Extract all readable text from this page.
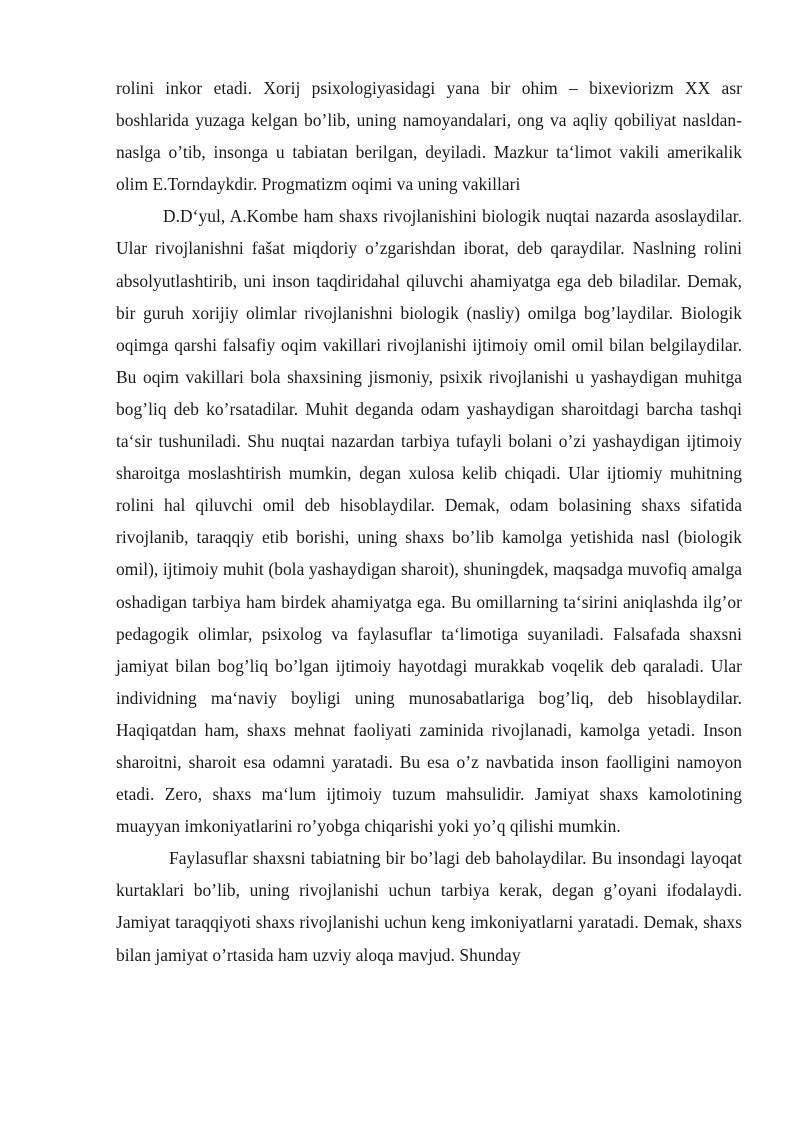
rolini inkor etadi. Xorij psixologiyasidagi yana bir ohim – bixeviorizm XX asr boshlarida yuzaga kelgan bo’lib, uning namoyandalari, ong va aqliy qobiliyat nasldan-naslga o’tib, insonga u tabiatan berilgan, deyiladi. Mazkur ta‘limot vakili amerikalik olim E.Torndaykdir. Progmatizm oqimi va uning vakillari

D.D‘yul, A.Kombe ham shaxs rivojlanishini biologik nuqtai nazarda asoslaydilar. Ular rivojlanishni fašat miqdoriy o’zgarishdan iborat, deb qaraydilar. Naslning rolini absolyutlashtirib, uni inson taqdiridahal qiluvchi ahamiyatga ega deb biladilar. Demak, bir guruh xorijiy olimlar rivojlanishni biologik (nasliy) omilga bog’laydilar. Biologik oqimga qarshi falsafiy oqim vakillari rivojlanishi ijtimoiy omil omil bilan belgilaydilar. Bu oqim vakillari bola shaxsining jismoniy, psixik rivojlanishi u yashaydigan muhitga bog’liq deb ko’rsatadilar. Muhit deganda odam yashaydigan sharoitdagi barcha tashqi ta‘sir tushuniladi. Shu nuqtai nazardan tarbiya tufayli bolani o’zi yashaydigan ijtimoiy sharoitga moslashtirish mumkin, degan xulosa kelib chiqadi. Ular ijtiomiy muhitning rolini hal qiluvchi omil deb hisoblaydilar. Demak, odam bolasining shaxs sifatida rivojlanib, taraqqiy etib borishi, uning shaxs bo’lib kamolga yetishida nasl (biologik omil), ijtimoiy muhit (bola yashaydigan sharoit), shuningdek, maqsadga muvofiq amalga oshadigan tarbiya ham birdek ahamiyatga ega. Bu omillarning ta‘sirini aniqlashda ilg’or pedagogik olimlar, psixolog va faylasuflar ta‘limotiga suyaniladi. Falsafada shaxsni jamiyat bilan bog’liq bo’lgan ijtimoiy hayotdagi murakkab voqelik deb qaraladi. Ular individning ma‘naviy boyligi uning munosabatlariga bog’liq, deb hisoblaydilar. Haqiqatdan ham, shaxs mehnat faoliyati zaminida rivojlanadi, kamolga yetadi. Inson sharoitni, sharoit esa odamni yaratadi. Bu esa o’z navbatida inson faolligini namoyon etadi. Zero, shaxs ma‘lum ijtimoiy tuzum mahsulidir. Jamiyat shaxs kamolotining muayyan imkoniyatlarini ro’yobga chiqarishi yoki yo’q qilishi mumkin.

Faylasuflar shaxsni tabiatning bir bo’lagi deb baholaydilar. Bu insondagi layoqat kurtaklari bo’lib, uning rivojlanishi uchun tarbiya kerak, degan g’oyani ifodalaydi. Jamiyat taraqqiyoti shaxs rivojlanishi uchun keng imkoniyatlarni yaratadi. Demak, shaxs bilan jamiyat o’rtasida ham uzviy aloqa mavjud. Shunday
